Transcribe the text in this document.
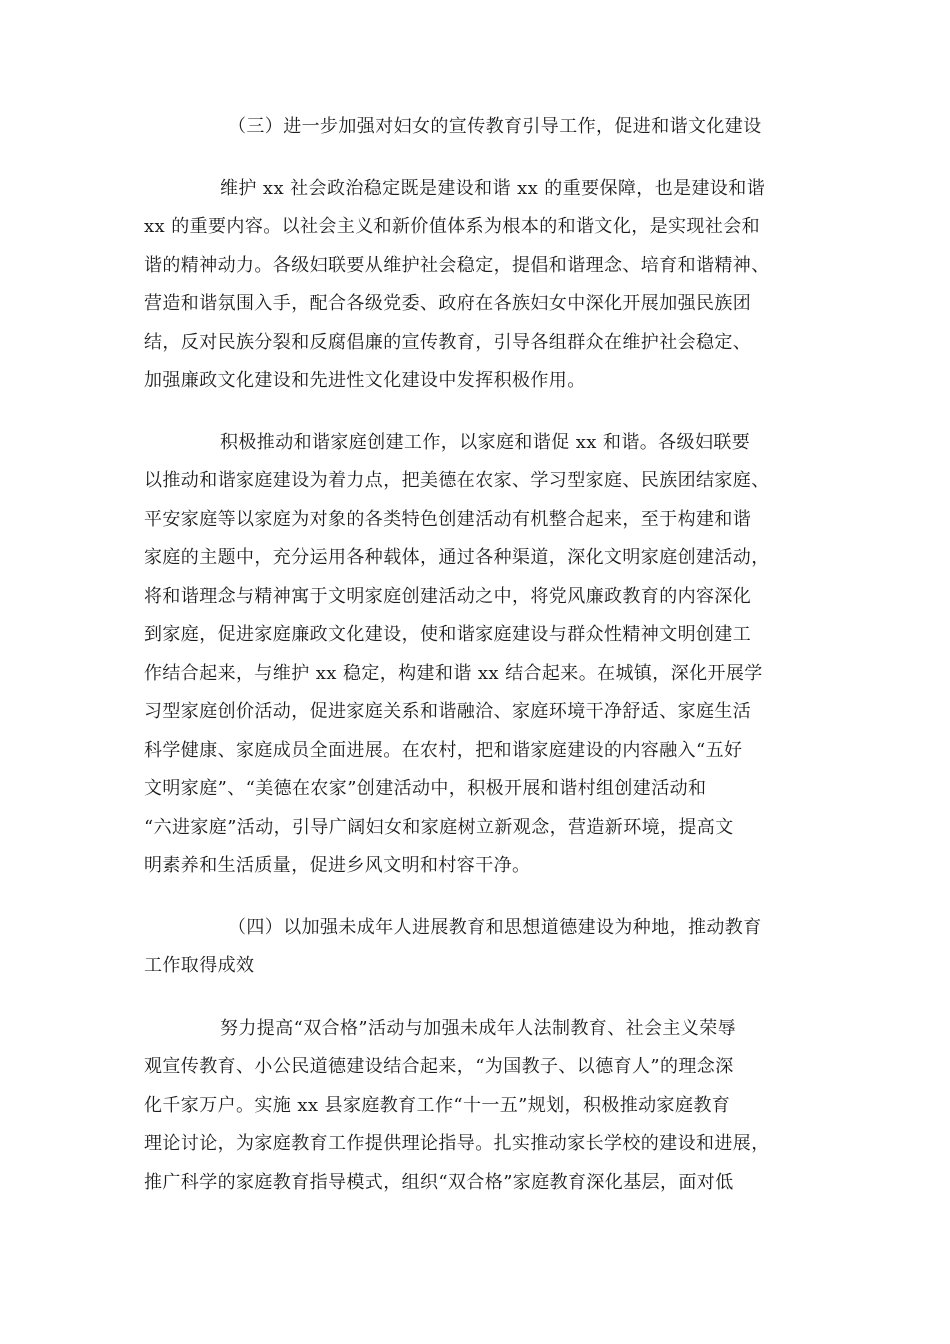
（三）进一步加强对妇女的宣传教育引导工作，促进和谐文化建设
维护 xx 社会政治稳定既是建设和谐 xx 的重要保障，也是建设和谐
xx 的重要内容。以社会主义和新价值体系为根本的和谐文化，是实现社会和
谐的精神动力。各级妇联要从维护社会稳定，提倡和谐理念、培育和谐精神、
营造和谐氛围入手，配合各级党委、政府在各族妇女中深化开展加强民族团
结，反对民族分裂和反腐倡廉的宣传教育，引导各组群众在维护社会稳定、
加强廉政文化建设和先进性文化建设中发挥积极作用。
积极推动和谐家庭创建工作，以家庭和谐促 xx 和谐。各级妇联要
以推动和谐家庭建设为着力点，把美德在农家、学习型家庭、民族团结家庭、
平安家庭等以家庭为对象的各类特色创建活动有机整合起来，至于构建和谐
家庭的主题中，充分运用各种载体，通过各种渠道，深化文明家庭创建活动，
将和谐理念与精神寓于文明家庭创建活动之中，将党风廉政教育的内容深化
到家庭，促进家庭廉政文化建设，使和谐家庭建设与群众性精神文明创建工
作结合起来，与维护 xx 稳定，构建和谐 xx 结合起来。在城镇，深化开展学
习型家庭创价活动，促进家庭关系和谐融洽、家庭环境干净舒适、家庭生活
科学健康、家庭成员全面进展。在农村，把和谐家庭建设的内容融入“五好
文明家庭”、“美德在农家”创建活动中，积极开展和谐村组创建活动和
“六进家庭”活动，引导广阔妇女和家庭树立新观念，营造新环境，提高文
明素养和生活质量，促进乡风文明和村容干净。
（四）以加强未成年人进展教育和思想道德建设为种地，推动教育
工作取得成效
努力提高“双合格”活动与加强未成年人法制教育、社会主义荣辱
观宣传教育、小公民道德建设结合起来，“为国教子、以德育人”的理念深
化千家万户。实施 xx 县家庭教育工作“十一五”规划，积极推动家庭教育
理论讨论，为家庭教育工作提供理论指导。扎实推动家长学校的建设和进展，
推广科学的家庭教育指导模式，组织“双合格”家庭教育深化基层，面对低
